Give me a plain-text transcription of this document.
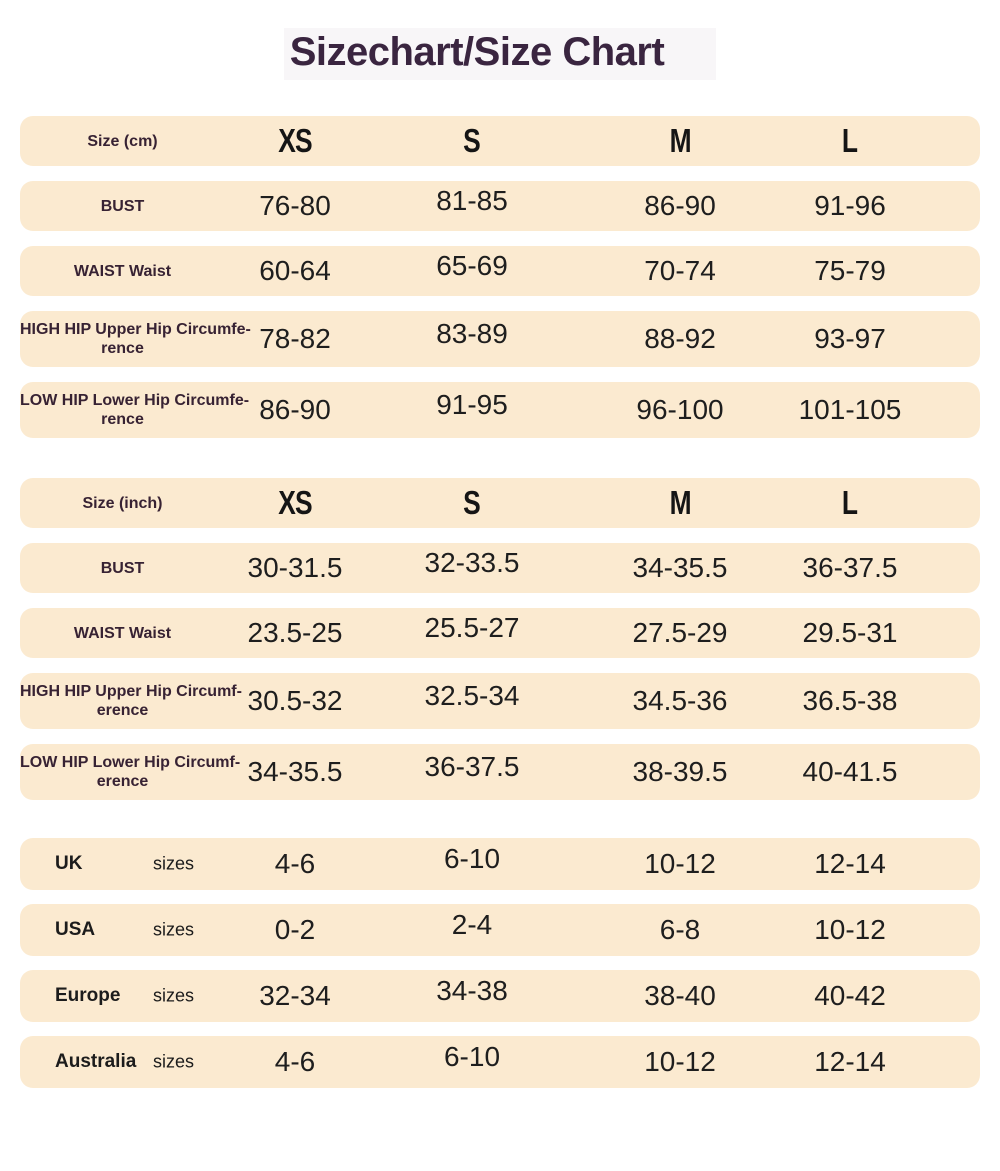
Sizechart/Size Chart
Size (cm)	XS	S	M	L
BUST	76-80	81-85	86-90	91-96
WAIST Waist	60-64	65-69	70-74	75-79
HIGH HIP Upper Hip Circumfe-
rence	78-82	83-89	88-92	93-97
LOW HIP Lower Hip Circumfe-
rence	86-90	91-95	96-100	101-105
Size (inch)	XS	S	M	L
BUST	30-31.5	32-33.5	34-35.5	36-37.5
WAIST Waist	23.5-25	25.5-27	27.5-29	29.5-31
HIGH HIP Upper Hip Circumf-
erence	30.5-32	32.5-34	34.5-36	36.5-38
LOW HIP Lower Hip Circumf-
erence	34-35.5	36-37.5	38-39.5	40-41.5
UK	sizes	4-6	6-10	10-12	12-14
USA	sizes	0-2	2-4	6-8	10-12
Europe sizes	32-34	34-38	38-40	40-42
Australia sizes	4-6	6-10	10-12	12-14
